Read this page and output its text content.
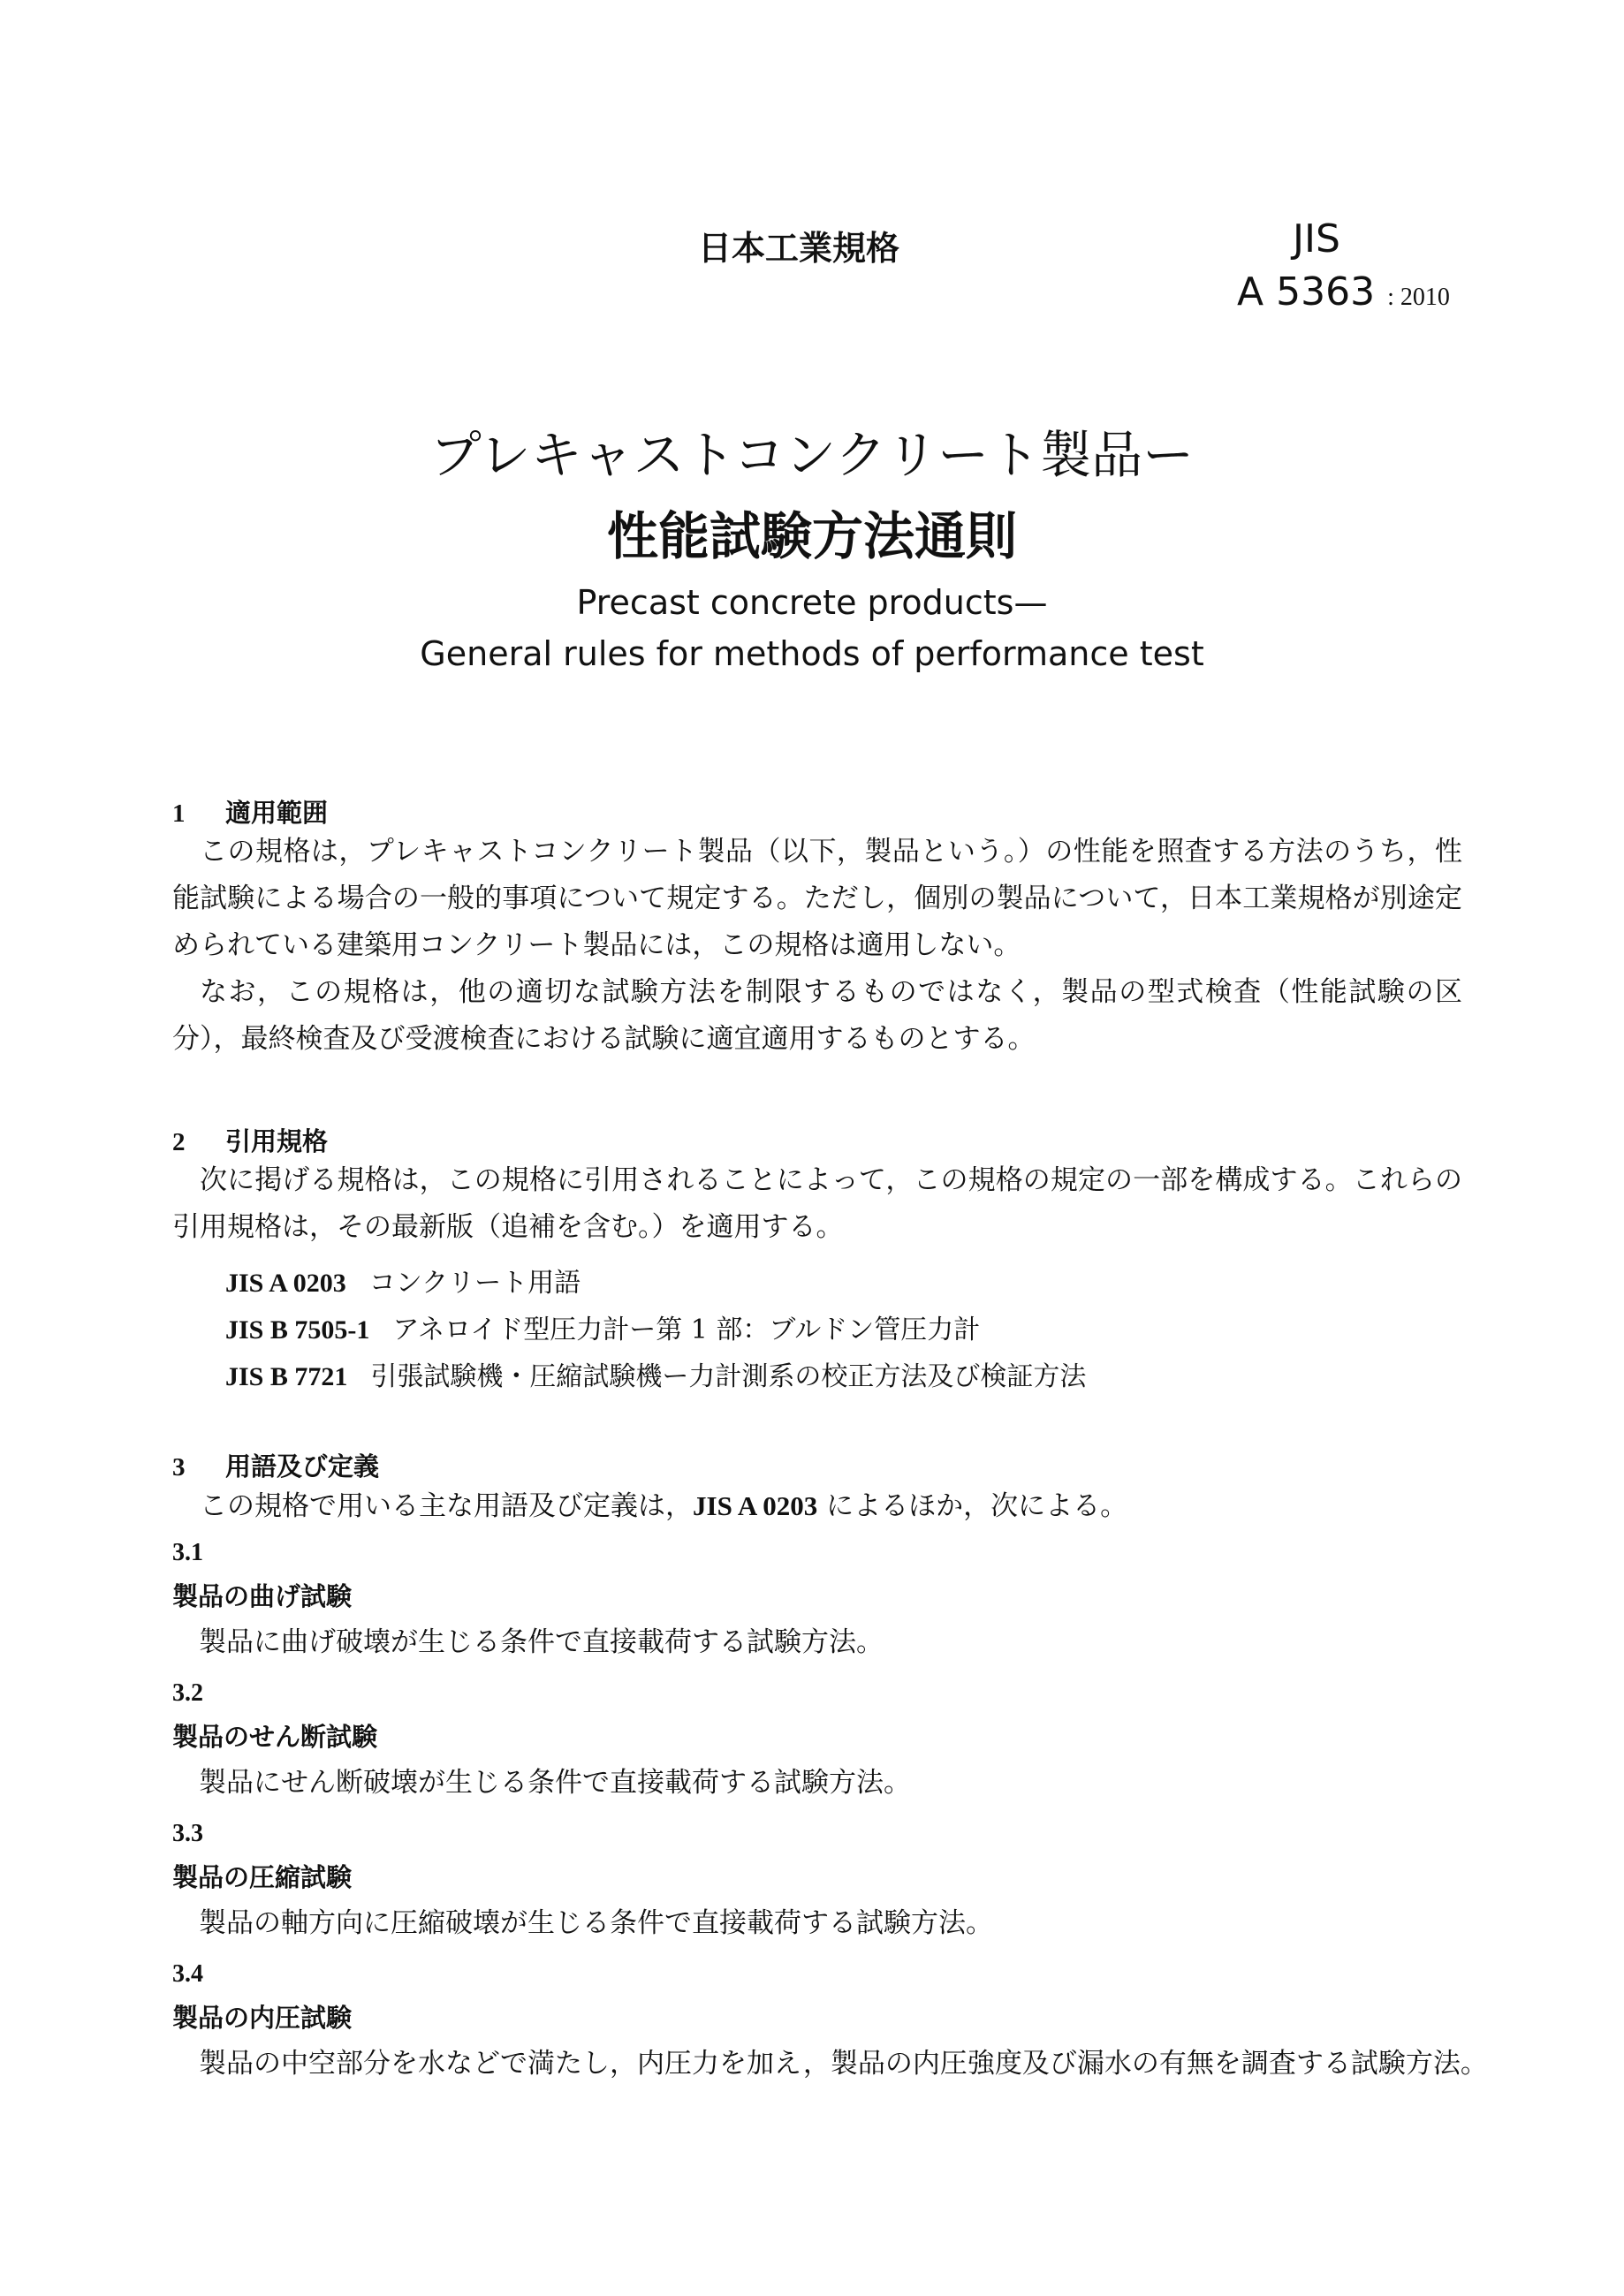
日本工業規格	JIS
A 5363 : 2010
プレキャストコンクリート製品ー
性能試験方法通則
Precast concrete products—
General rules for methods of performance test
1 適用範囲
この規格は，プレキャストコンクリート製品（以下，製品という。）の性能を照査する方法のうち，性能試験による場合の一般的事項について規定する。ただし，個別の製品について，日本工業規格が別途定められている建築用コンクリート製品には，この規格は適用しない。
なお，この規格は，他の適切な試験方法を制限するものではなく，製品の型式検査（性能試験の区分），最終検査及び受渡検査における試験に適宜適用するものとする。
2 引用規格
次に掲げる規格は，この規格に引用されることによって，この規格の規定の一部を構成する。これらの引用規格は，その最新版（追補を含む。）を適用する。
JIS A 0203 コンクリート用語
JIS B 7505-1 アネロイド型圧力計ー第 1 部：ブルドン管圧力計
JIS B 7721 引張試験機・圧縮試験機ー力計測系の校正方法及び検証方法
3 用語及び定義
この規格で用いる主な用語及び定義は，JIS A 0203 によるほか，次による。
3.1
製品の曲げ試験
製品に曲げ破壊が生じる条件で直接載荷する試験方法。
3.2
製品のせん断試験
製品にせん断破壊が生じる条件で直接載荷する試験方法。
3.3
製品の圧縮試験
製品の軸方向に圧縮破壊が生じる条件で直接載荷する試験方法。
3.4
製品の内圧試験
製品の中空部分を水などで満たし，内圧力を加え，製品の内圧強度及び漏水の有無を調査する試験方法。
